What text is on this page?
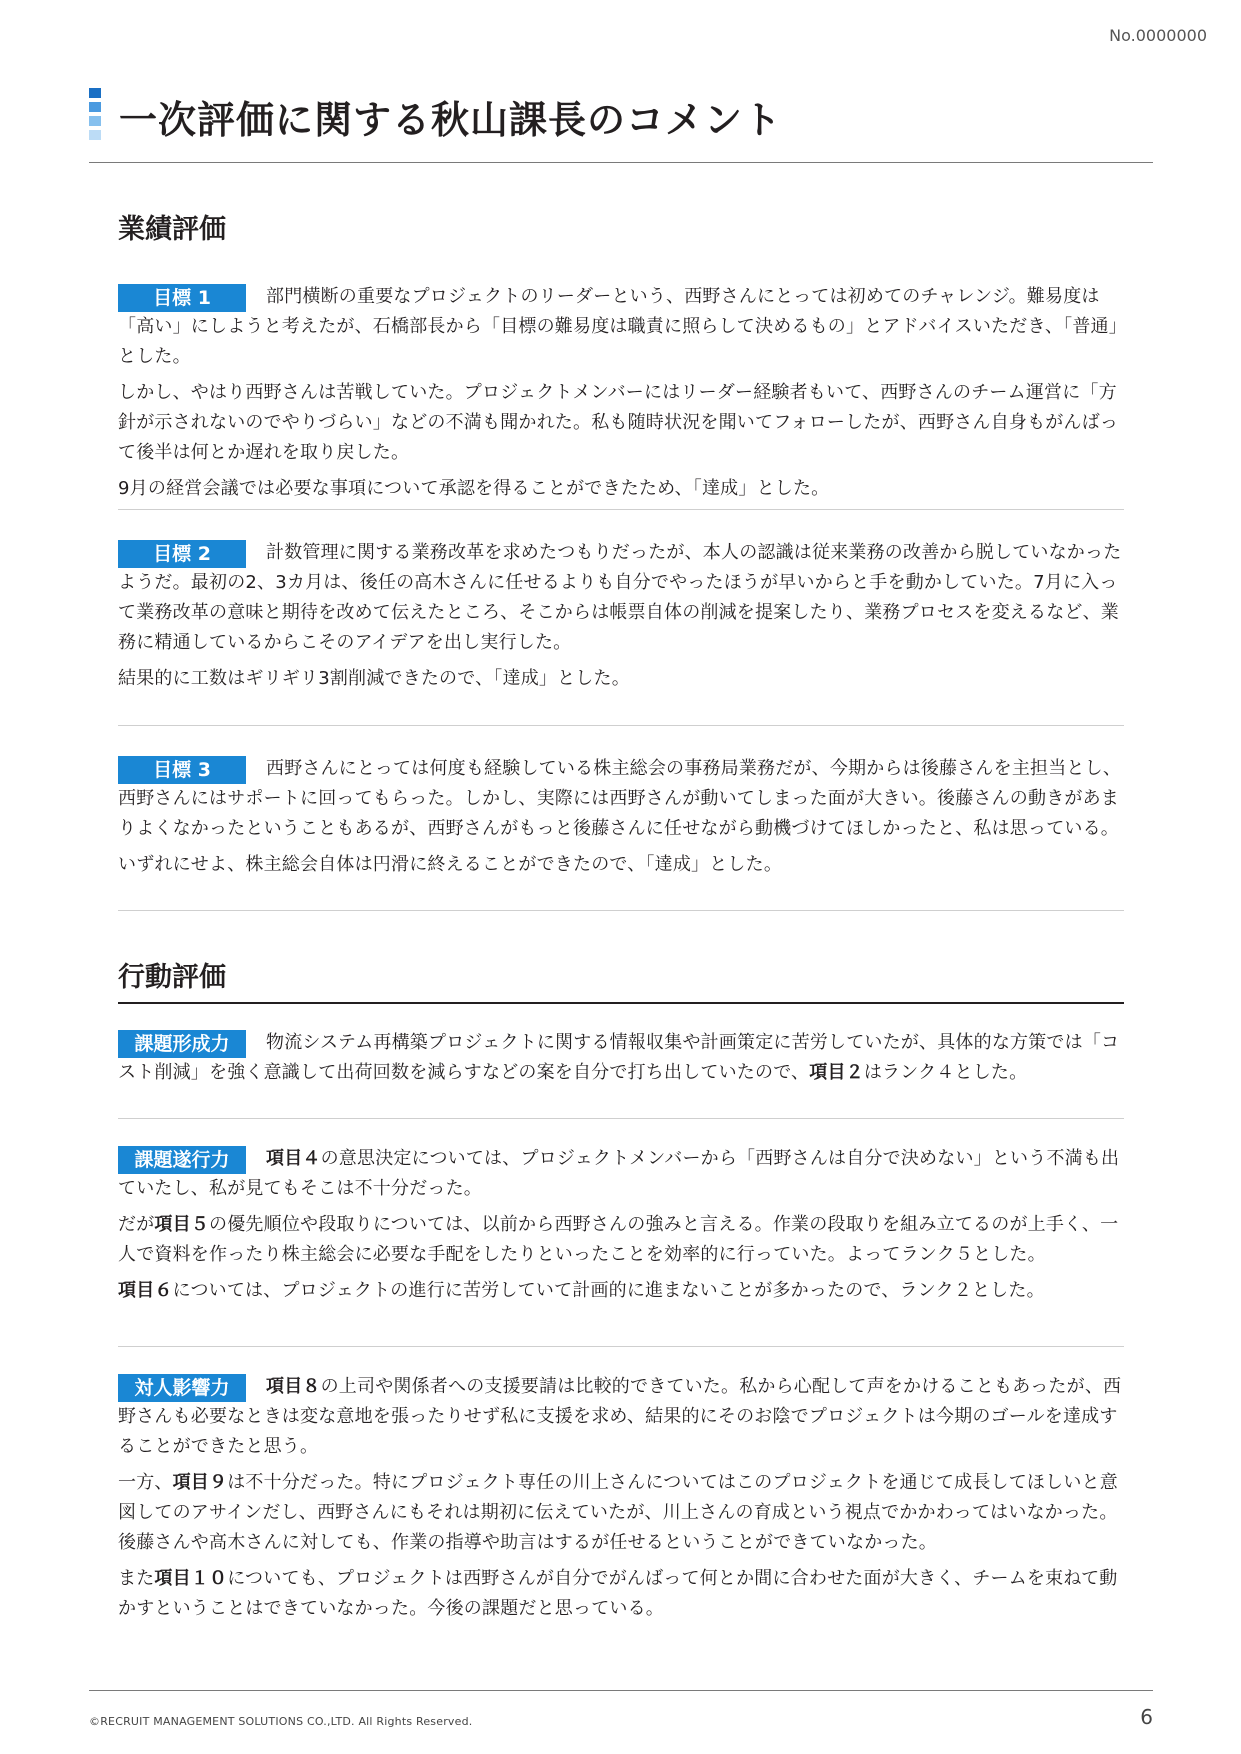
No.0000000
一次評価に関する秋山課長のコメント
業績評価
目標 1	部門横断の重要なプロジェクトのリーダーという、西野さんにとっては初めてのチャレンジ。難易度は「高い」にしようと考えたが、石橋部長から「目標の難易度は職責に照らして決めるもの」とアドバイスいただき、「普通」とした。

しかし、やはり西野さんは苦戦していた。プロジェクトメンバーにはリーダー経験者もいて、西野さんのチーム運営に「方針が示されないのでやりづらい」などの不満も聞かれた。私も随時状況を聞いてフォローしたが、西野さん自身もがんばって後半は何とか遅れを取り戻した。

9月の経営会議では必要な事項について承認を得ることができたため、「達成」とした。

目標 2	計数管理に関する業務改革を求めたつもりだったが、本人の認識は従来業務の改善から脱していなかったようだ。最初の2、3カ月は、後任の高木さんに任せるよりも自分でやったほうが早いからと手を動かしていた。7月に入って業務改革の意味と期待を改めて伝えたところ、そこからは帳票自体の削減を提案したり、業務プロセスを変えるなど、業務に精通しているからこそのアイデアを出し実行した。

結果的に工数はギリギリ3割削減できたので、「達成」とした。

目標 3	西野さんにとっては何度も経験している株主総会の事務局業務だが、今期からは後藤さんを主担当とし、西野さんにはサポートに回ってもらった。しかし、実際には西野さんが動いてしまった面が大きい。後藤さんの動きがあまりよくなかったということもあるが、西野さんがもっと後藤さんに任せながら動機づけてほしかったと、私は思っている。

いずれにせよ、株主総会自体は円滑に終えることができたので、「達成」とした。

行動評価
課題形成力	物流システム再構築プロジェクトに関する情報収集や計画策定に苦労していたが、具体的な方策では「コスト削減」を強く意識して出荷回数を減らすなどの案を自分で打ち出していたので、項目２はランク４とした。

課題遂行力	項目４の意思決定については、プロジェクトメンバーから「西野さんは自分で決めない」という不満も出ていたし、私が見てもそこは不十分だった。

だが項目５の優先順位や段取りについては、以前から西野さんの強みと言える。作業の段取りを組み立てるのが上手く、一人で資料を作ったり株主総会に必要な手配をしたりといったことを効率的に行っていた。よってランク５とした。

項目６については、プロジェクトの進行に苦労していて計画的に進まないことが多かったので、ランク２とした。

対人影響力	項目８の上司や関係者への支援要請は比較的できていた。私から心配して声をかけることもあったが、西野さんも必要なときは変な意地を張ったりせず私に支援を求め、結果的にそのお陰でプロジェクトは今期のゴールを達成することができたと思う。

一方、項目９は不十分だった。特にプロジェクト専任の川上さんについてはこのプロジェクトを通じて成長してほしいと意図してのアサインだし、西野さんにもそれは期初に伝えていたが、川上さんの育成という視点でかかわってはいなかった。後藤さんや高木さんに対しても、作業の指導や助言はするが任せるということができていなかった。

また項目１０についても、プロジェクトは西野さんが自分でがんばって何とか間に合わせた面が大きく、チームを束ねて動かすということはできていなかった。今後の課題だと思っている。

©RECRUIT MANAGEMENT SOLUTIONS CO.,LTD. All Rights Reserved.	6
